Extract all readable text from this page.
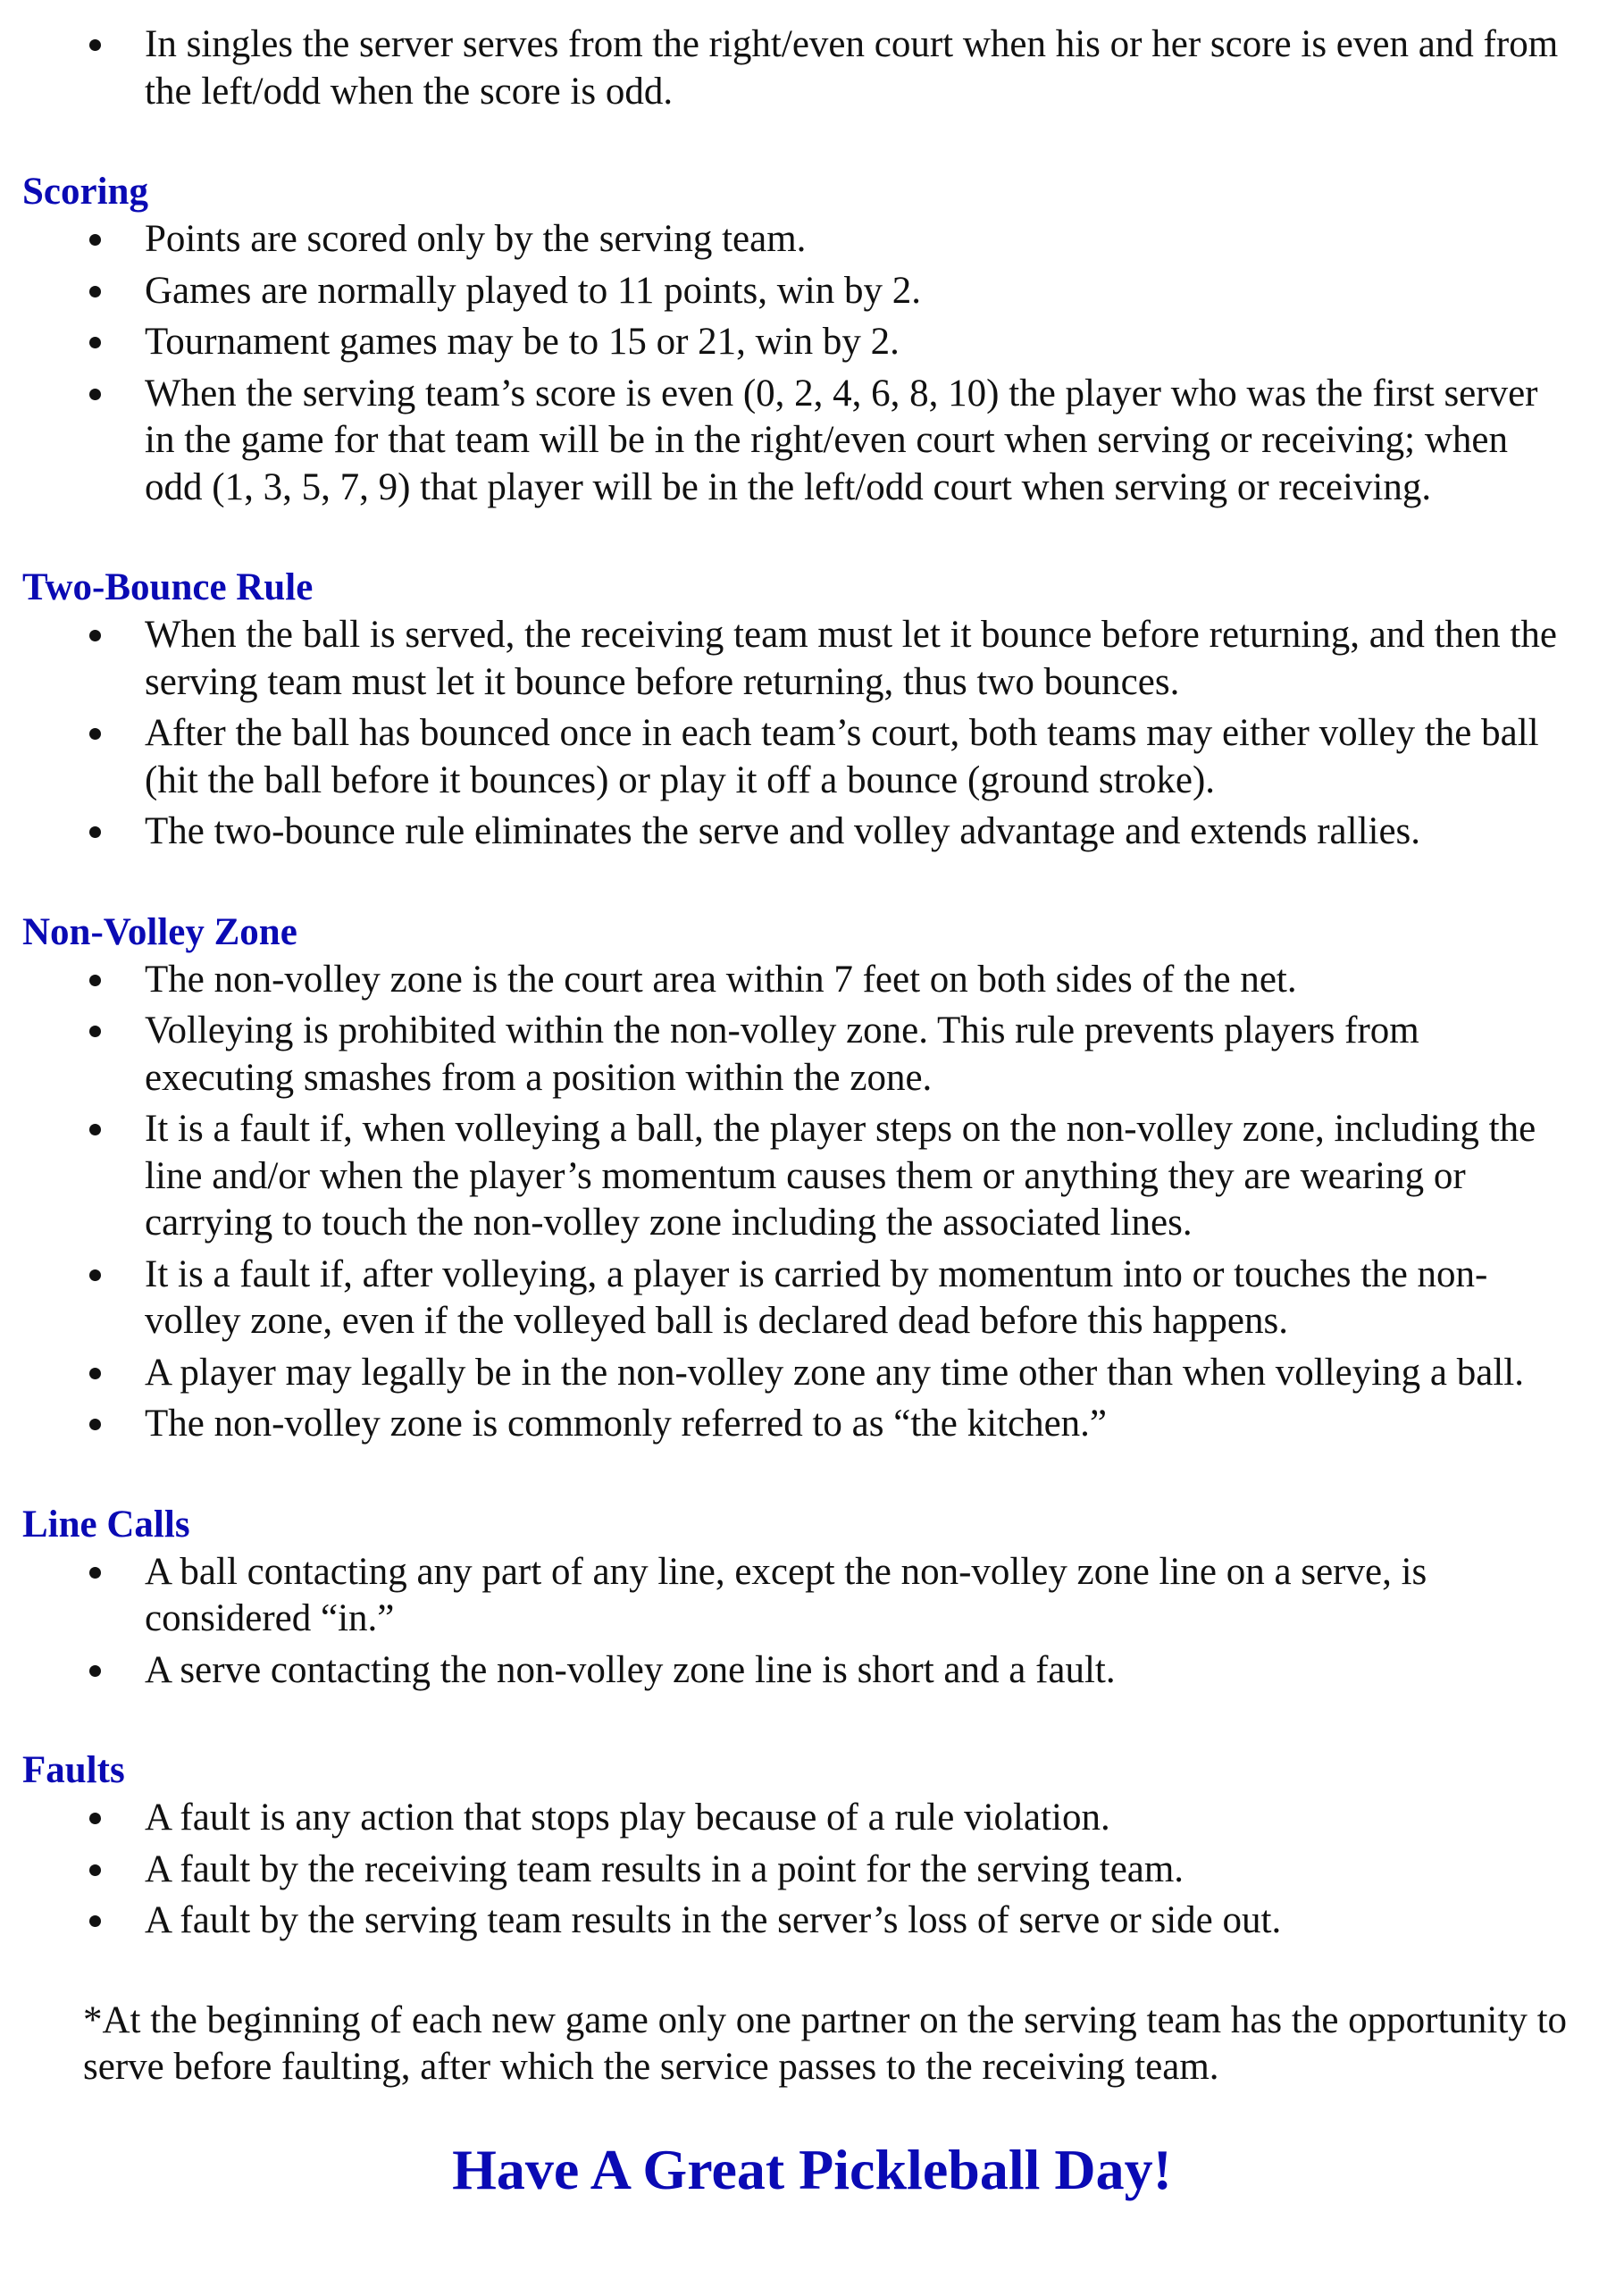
In singles the server serves from the right/even court when his or her score is even and from the left/odd when the score is odd.
Scoring
Points are scored only by the serving team.
Games are normally played to 11 points, win by 2.
Tournament games may be to 15 or 21, win by 2.
When the serving team’s score is even (0, 2, 4, 6, 8, 10) the player who was the first server in the game for that team will be in the right/even court when serving or receiving; when odd (1, 3, 5, 7, 9) that player will be in the left/odd court when serving or receiving.
Two-Bounce Rule
When the ball is served, the receiving team must let it bounce before returning, and then the serving team must let it bounce before returning, thus two bounces.
After the ball has bounced once in each team’s court, both teams may either volley the ball (hit the ball before it bounces) or play it off a bounce (ground stroke).
The two-bounce rule eliminates the serve and volley advantage and extends rallies.
Non-Volley Zone
The non-volley zone is the court area within 7 feet on both sides of the net.
Volleying is prohibited within the non-volley zone. This rule prevents players from executing smashes from a position within the zone.
It is a fault if, when volleying a ball, the player steps on the non-volley zone, including the line and/or when the player’s momentum causes them or anything they are wearing or carrying to touch the non-volley zone including the associated lines.
It is a fault if, after volleying, a player is carried by momentum into or touches the non-volley zone, even if the volleyed ball is declared dead before this happens.
A player may legally be in the non-volley zone any time other than when volleying a ball.
The non-volley zone is commonly referred to as “the kitchen.”
Line Calls
A ball contacting any part of any line, except the non-volley zone line on a serve, is considered “in.”
A serve contacting the non-volley zone line is short and a fault.
Faults
A fault is any action that stops play because of a rule violation.
A fault by the receiving team results in a point for the serving team.
A fault by the serving team results in the server’s loss of serve or side out.

*At the beginning of each new game only one partner on the serving team has the opportunity to serve before faulting, after which the service passes to the receiving team.

Have A Great Pickleball Day!
